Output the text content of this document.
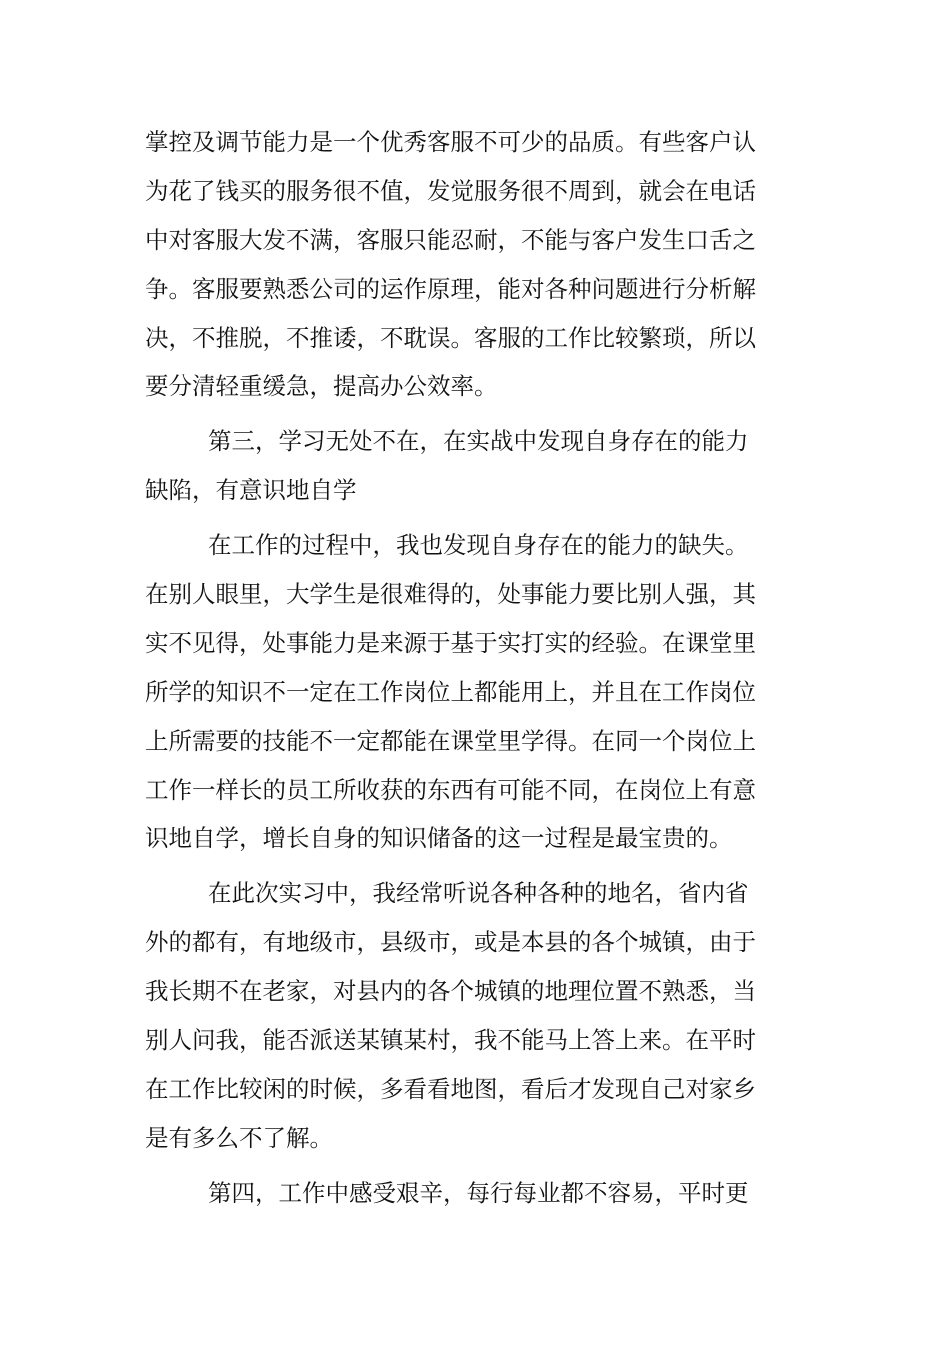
掌控及调节能力是一个优秀客服不可少的品质。有些客户认
为花了钱买的服务很不值，发觉服务很不周到，就会在电话
中对客服大发不满，客服只能忍耐，不能与客户发生口舌之
争。客服要熟悉公司的运作原理，能对各种问题进行分析解
决，不推脱，不推诿，不耽误。客服的工作比较繁琐，所以
要分清轻重缓急，提高办公效率。
第三，学习无处不在，在实战中发现自身存在的能力
缺陷，有意识地自学
在工作的过程中，我也发现自身存在的能力的缺失。
在别人眼里，大学生是很难得的，处事能力要比别人强，其
实不见得，处事能力是来源于基于实打实的经验。在课堂里
所学的知识不一定在工作岗位上都能用上，并且在工作岗位
上所需要的技能不一定都能在课堂里学得。在同一个岗位上
工作一样长的员工所收获的东西有可能不同，在岗位上有意
识地自学，增长自身的知识储备的这一过程是最宝贵的。
在此次实习中，我经常听说各种各种的地名，省内省
外的都有，有地级市，县级市，或是本县的各个城镇，由于
我长期不在老家，对县内的各个城镇的地理位置不熟悉，当
别人问我，能否派送某镇某村，我不能马上答上来。在平时
在工作比较闲的时候，多看看地图，看后才发现自己对家乡
是有多么不了解。
第四，工作中感受艰辛，每行每业都不容易，平时更
